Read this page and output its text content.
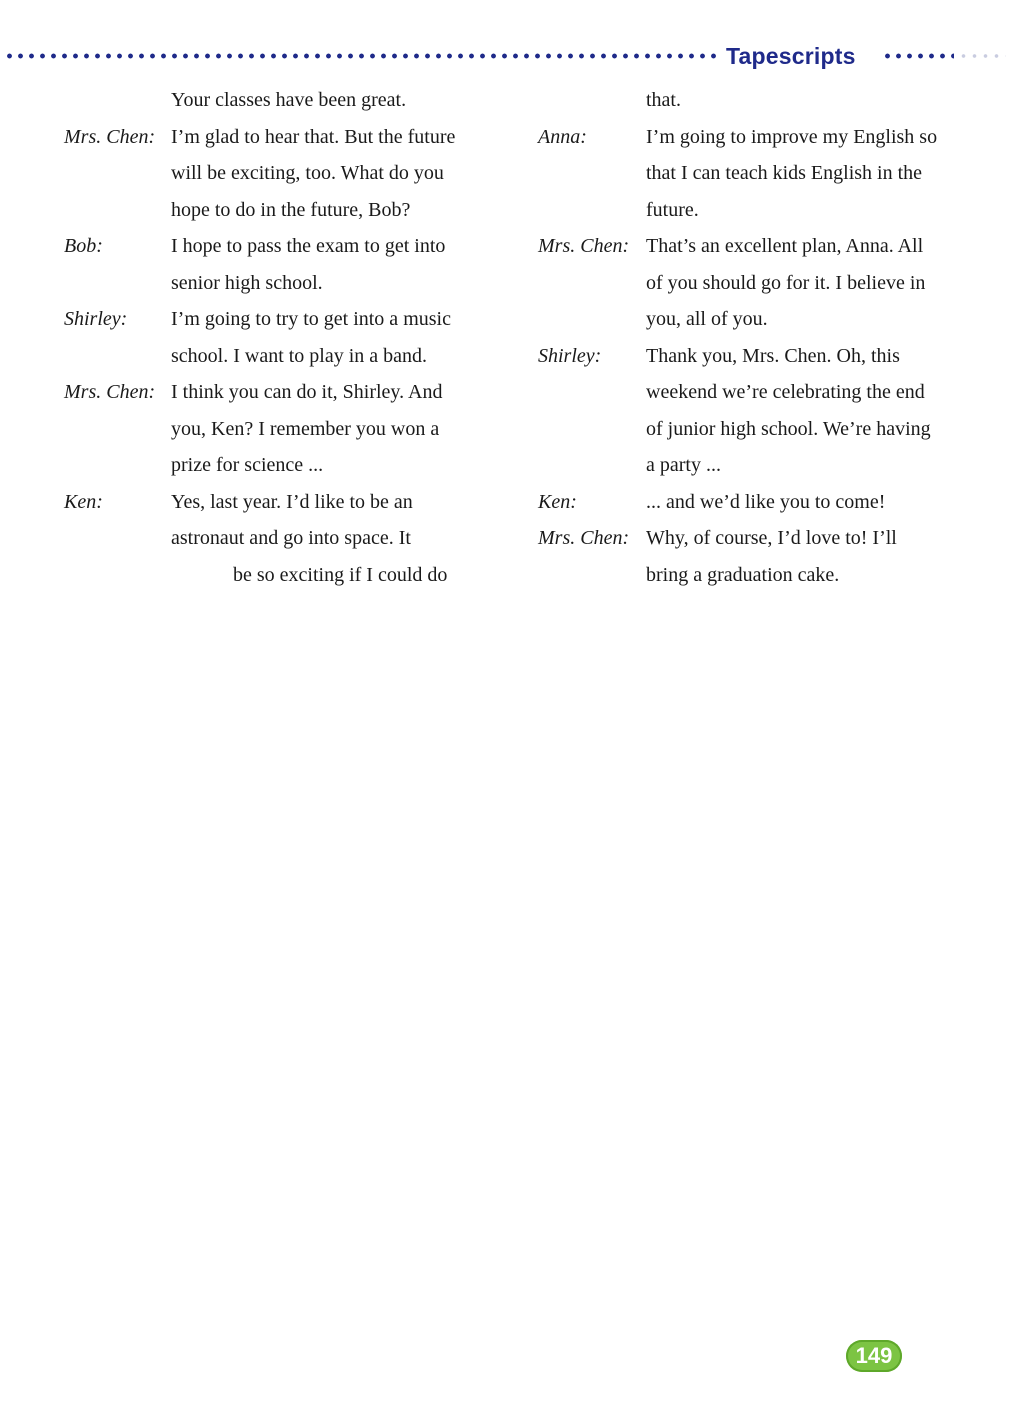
Tapescripts
Your classes have been great.
Mrs. Chen: I’m glad to hear that. But the future
will be exciting, too. What do you
hope to do in the future, Bob?
Bob:	I hope to pass the exam to get into
senior high school.
Shirley:	I’m going to try to get into a music
school. I want to play in a band.
Mrs. Chen: I think you can do it, Shirley. And
you, Ken? I remember you won a
prize for science ...
Ken:	Yes, last year. I’d like to be an
astronaut and go into space. It
be so exciting if I could do
that.
Anna:	I’m going to improve my English so
that I can teach kids English in the
future.
Mrs. Chen: That’s an excellent plan, Anna. All
of you should go for it. I believe in
you, all of you.
Shirley:	Thank you, Mrs. Chen. Oh, this
weekend we’re celebrating the end
of junior high school. We’re having
a party ...
Ken:	... and we’d like you to come!
Mrs. Chen: Why, of course, I’d love to! I’ll
bring a graduation cake.
149
